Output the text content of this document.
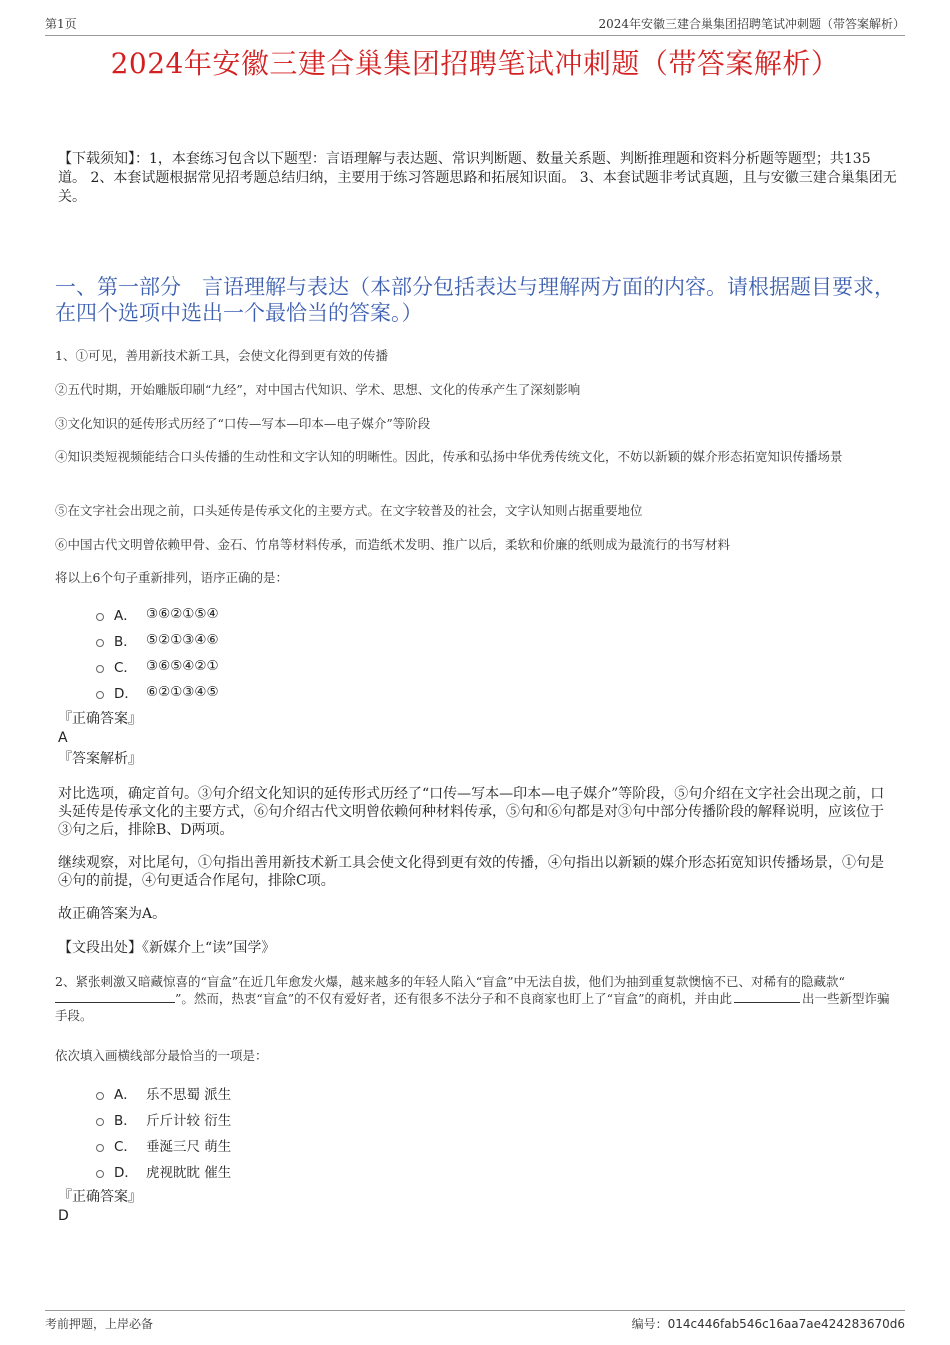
第1页	2024年安徽三建合巢集团招聘笔试冲刺题（带答案解析）
2024年安徽三建合巢集团招聘笔试冲刺题（带答案解析）
【下载须知】：1，本套练习包含以下题型：言语理解与表达题、常识判断题、数量关系题、判断推理题和资料分析题等题型；共135道。 2、本套试题根据常见招考题总结归纳，主要用于练习答题思路和拓展知识面。 3、本套试题非考试真题，且与安徽三建合巢集团无关。
一、第一部分　言语理解与表达（本部分包括表达与理解两方面的内容。请根据题目要求，在四个选项中选出一个最恰当的答案。）
1、①可见，善用新技术新工具，会使文化得到更有效的传播
②五代时期，开始雕版印刷“九经”，对中国古代知识、学术、思想、文化的传承产生了深刻影响
③文化知识的延传形式历经了“口传—写本—印本—电子媒介”等阶段
④知识类短视频能结合口头传播的生动性和文字认知的明晰性。因此，传承和弘扬中华优秀传统文化，不妨以新颖的媒介形态拓宽知识传播场景
⑤在文字社会出现之前，口头延传是传承文化的主要方式。在文字较普及的社会，文字认知则占据重要地位
⑥中国古代文明曾依赖甲骨、金石、竹帛等材料传承，而造纸术发明、推广以后，柔软和价廉的纸则成为最流行的书写材料
将以上6个句子重新排列，语序正确的是：
A． ③⑥②①⑤④
B． ⑤②①③④⑥
C． ③⑥⑤④②①
D． ⑥②①③④⑤
『正确答案』
A
『答案解析』
对比选项，确定首句。③句介绍文化知识的延传形式历经了“口传—写本—印本—电子媒介”等阶段，⑤句介绍在文字社会出现之前，口头延传是传承文化的主要方式，⑥句介绍古代文明曾依赖何种材料传承，⑤句和⑥句都是对③句中部分传播阶段的解释说明，应该位于③句之后，排除B、D两项。
继续观察，对比尾句，①句指出善用新技术新工具会使文化得到更有效的传播，④句指出以新颖的媒介形态拓宽知识传播场景，①句是④句的前提，④句更适合作尾句，排除C项。
故正确答案为A。
【文段出处】《新媒介上“读”国学》
2、紧张刺激又暗藏惊喜的“盲盒”在近几年愈发火爆，越来越多的年轻人陷入“盲盒”中无法自拔，他们为抽到重复款懊恼不已、对稀有的隐藏款“”。然而，热衷“盲盒”的不仅有爱好者，还有很多不法分子和不良商家也盯上了“盲盒”的商机，并由此	出一些新型诈骗手段。
依次填入画横线部分最恰当的一项是：
A． 乐不思蜀 派生
B． 斤斤计较 衍生
C． 垂涎三尺 萌生
D． 虎视眈眈 催生
『正确答案』
D
考前押题，上岸必备	编号：014c446fab546c16aa7ae424283670d6
